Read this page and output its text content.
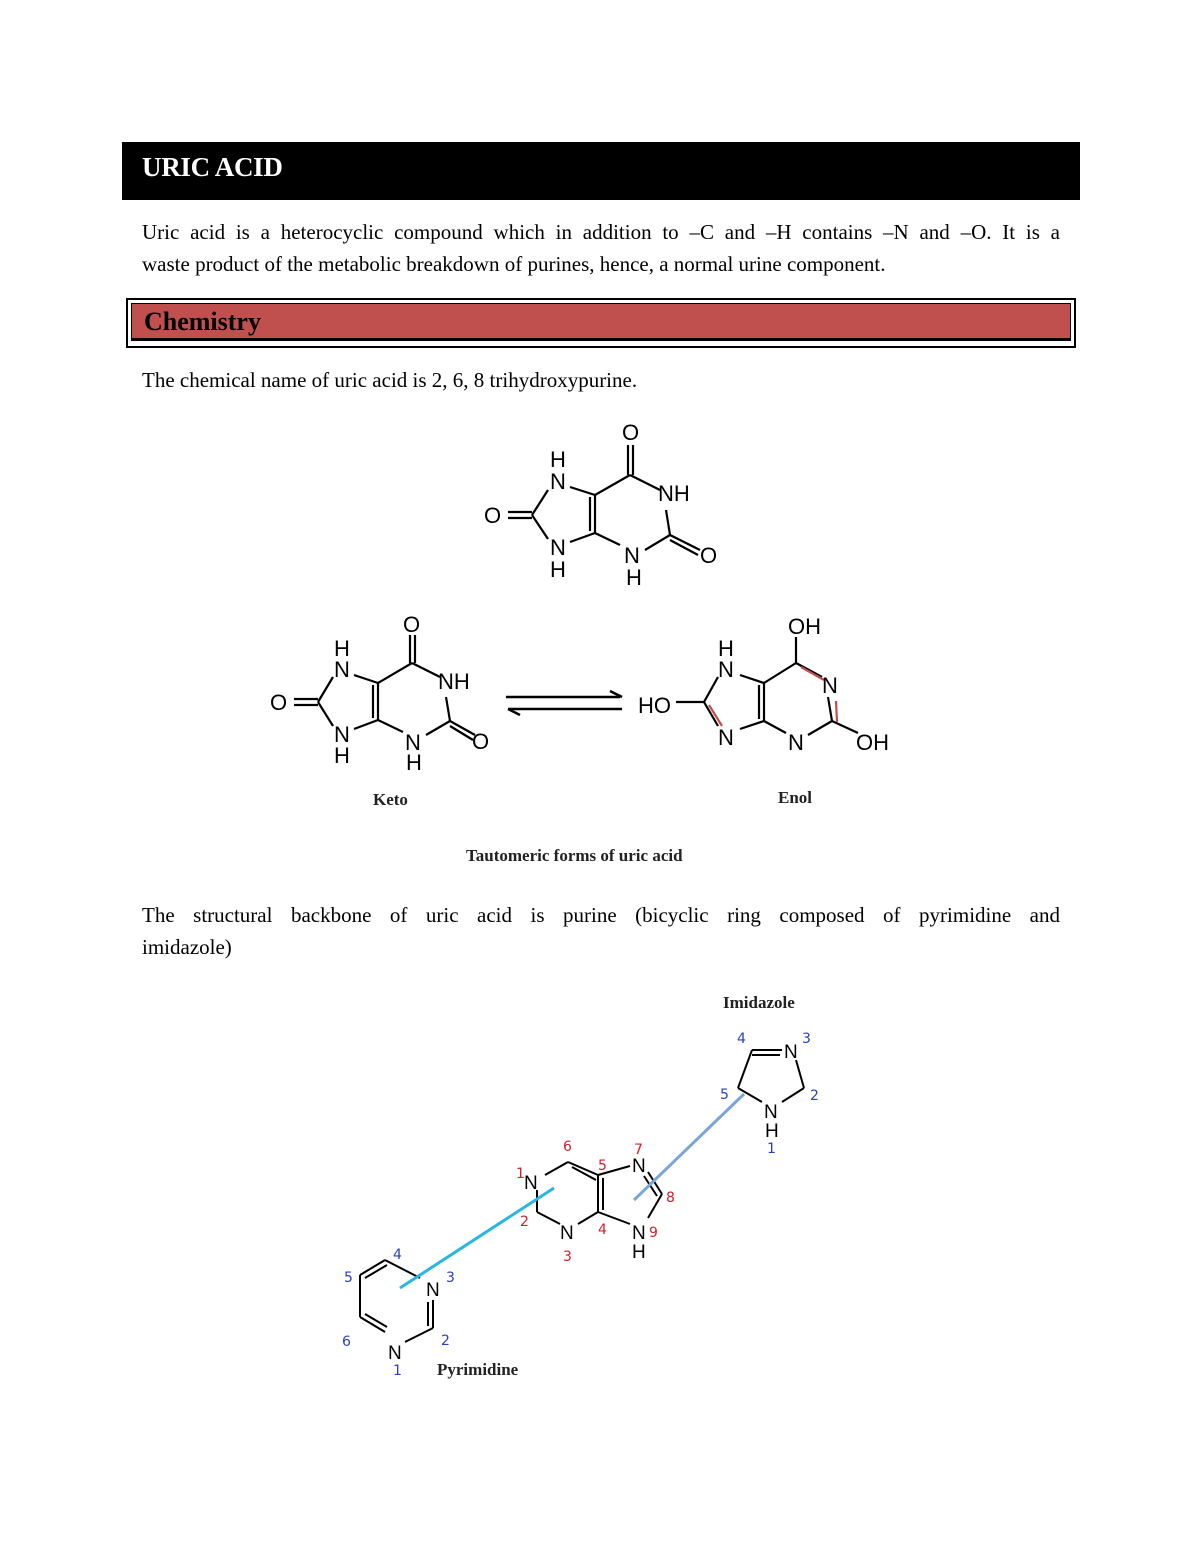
URIC ACID
Uric acid is a heterocyclic compound which in addition to –C and –H contains –N and –O. It is a
waste product of the metabolic breakdown of purines, hence, a normal urine component.
Chemistry
The chemical name of uric acid is 2, 6, 8 trihydroxypurine.
O
NH
O
N
H
H
N
O
N
H
O
NH
O
N
H
H
N
O
N
H
OH
N
OH
N
H
N
HO
N
Keto	Enol
Tautomeric forms of uric acid
The structural backbone of uric acid is purine (bicyclic ring composed of pyrimidine and
imidazole)
Imidazole
Pyrimidine
N
N
H
4	3
5	2
1
N
N
N	N
H
1
6
5
7
8
2	4
3
9
N
N
4
5	3
6	2
1
